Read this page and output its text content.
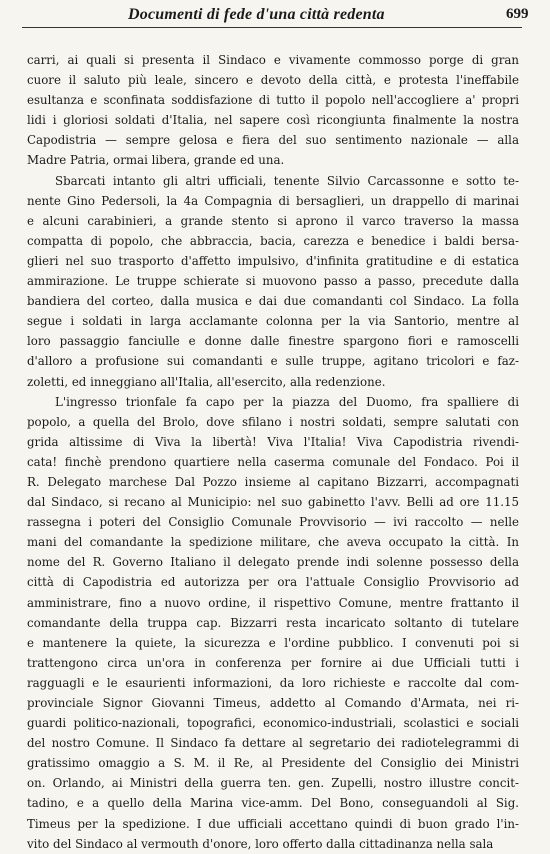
Documenti di fede d'una città redenta	699
carri, ai quali si presenta il Sindaco e vivamente commosso porge di gran
cuore il saluto più leale, sincero e devoto della città, e protesta l'ineffabile
esultanza e sconfinata soddisfazione di tutto il popolo nell'accogliere a' propri
lidi i gloriosi soldati d'Italia, nel sapere così ricongiunta finalmente la nostra
Capodistria — sempre gelosa e fiera del suo sentimento nazionale — alla
Madre Patria, ormai libera, grande ed una.
Sbarcati intanto gli altri ufficiali, tenente Silvio Carcassonne e sotto te-
nente Gino Pedersoli, la 4a Compagnia di bersaglieri, un drappello di marinai
e alcuni carabinieri, a grande stento si aprono il varco traverso la massa
compatta di popolo, che abbraccia, bacia, carezza e benedice i baldi bersa-
glieri nel suo trasporto d'affetto impulsivo, d'infinita gratitudine e di estatica
ammirazione. Le truppe schierate si muovono passo a passo, precedute dalla
bandiera del corteo, dalla musica e dai due comandanti col Sindaco. La folla
segue i soldati in larga acclamante colonna per la via Santorio, mentre al
loro passaggio fanciulle e donne dalle finestre spargono fiori e ramoscelli
d'alloro a profusione sui comandanti e sulle truppe, agitano tricolori e faz-
zoletti, ed inneggiano all'Italia, all'esercito, alla redenzione.
L'ingresso trionfale fa capo per la piazza del Duomo, fra spalliere di
popolo, a quella del Brolo, dove sfilano i nostri soldati, sempre salutati con
grida altissime di Viva la libertà! Viva l'Italia! Viva Capodistria rivendi-
cata! finchè prendono quartiere nella caserma comunale del Fondaco. Poi il
R. Delegato marchese Dal Pozzo insieme al capitano Bizzarri, accompagnati
dal Sindaco, si recano al Municipio: nel suo gabinetto l'avv. Belli ad ore 11.15
rassegna i poteri del Consiglio Comunale Provvisorio — ivi raccolto — nelle
mani del comandante la spedizione militare, che aveva occupato la città. In
nome del R. Governo Italiano il delegato prende indi solenne possesso della
città di Capodistria ed autorizza per ora l'attuale Consiglio Provvisorio ad
amministrare, fino a nuovo ordine, il rispettivo Comune, mentre frattanto il
comandante della truppa cap. Bizzarri resta incaricato soltanto di tutelare
e mantenere la quiete, la sicurezza e l'ordine pubblico. I convenuti poi si
trattengono circa un'ora in conferenza per fornire ai due Ufficiali tutti i
ragguagli e le esaurienti informazioni, da loro richieste e raccolte dal com-
provinciale Signor Giovanni Timeus, addetto al Comando d'Armata, nei ri-
guardi politico-nazionali, topografici, economico-industriali, scolastici e sociali
del nostro Comune. Il Sindaco fa dettare al segretario dei radiotelegrammi di
gratissimo omaggio a S. M. il Re, al Presidente del Consiglio dei Ministri
on. Orlando, ai Ministri della guerra ten. gen. Zupelli, nostro illustre concit-
tadino, e a quello della Marina vice-amm. Del Bono, conseguandoli al Sig.
Timeus per la spedizione. I due ufficiali accettano quindi di buon grado l'in-
vito del Sindaco al vermouth d'onore, loro offerto dalla cittadinanza nella sala
